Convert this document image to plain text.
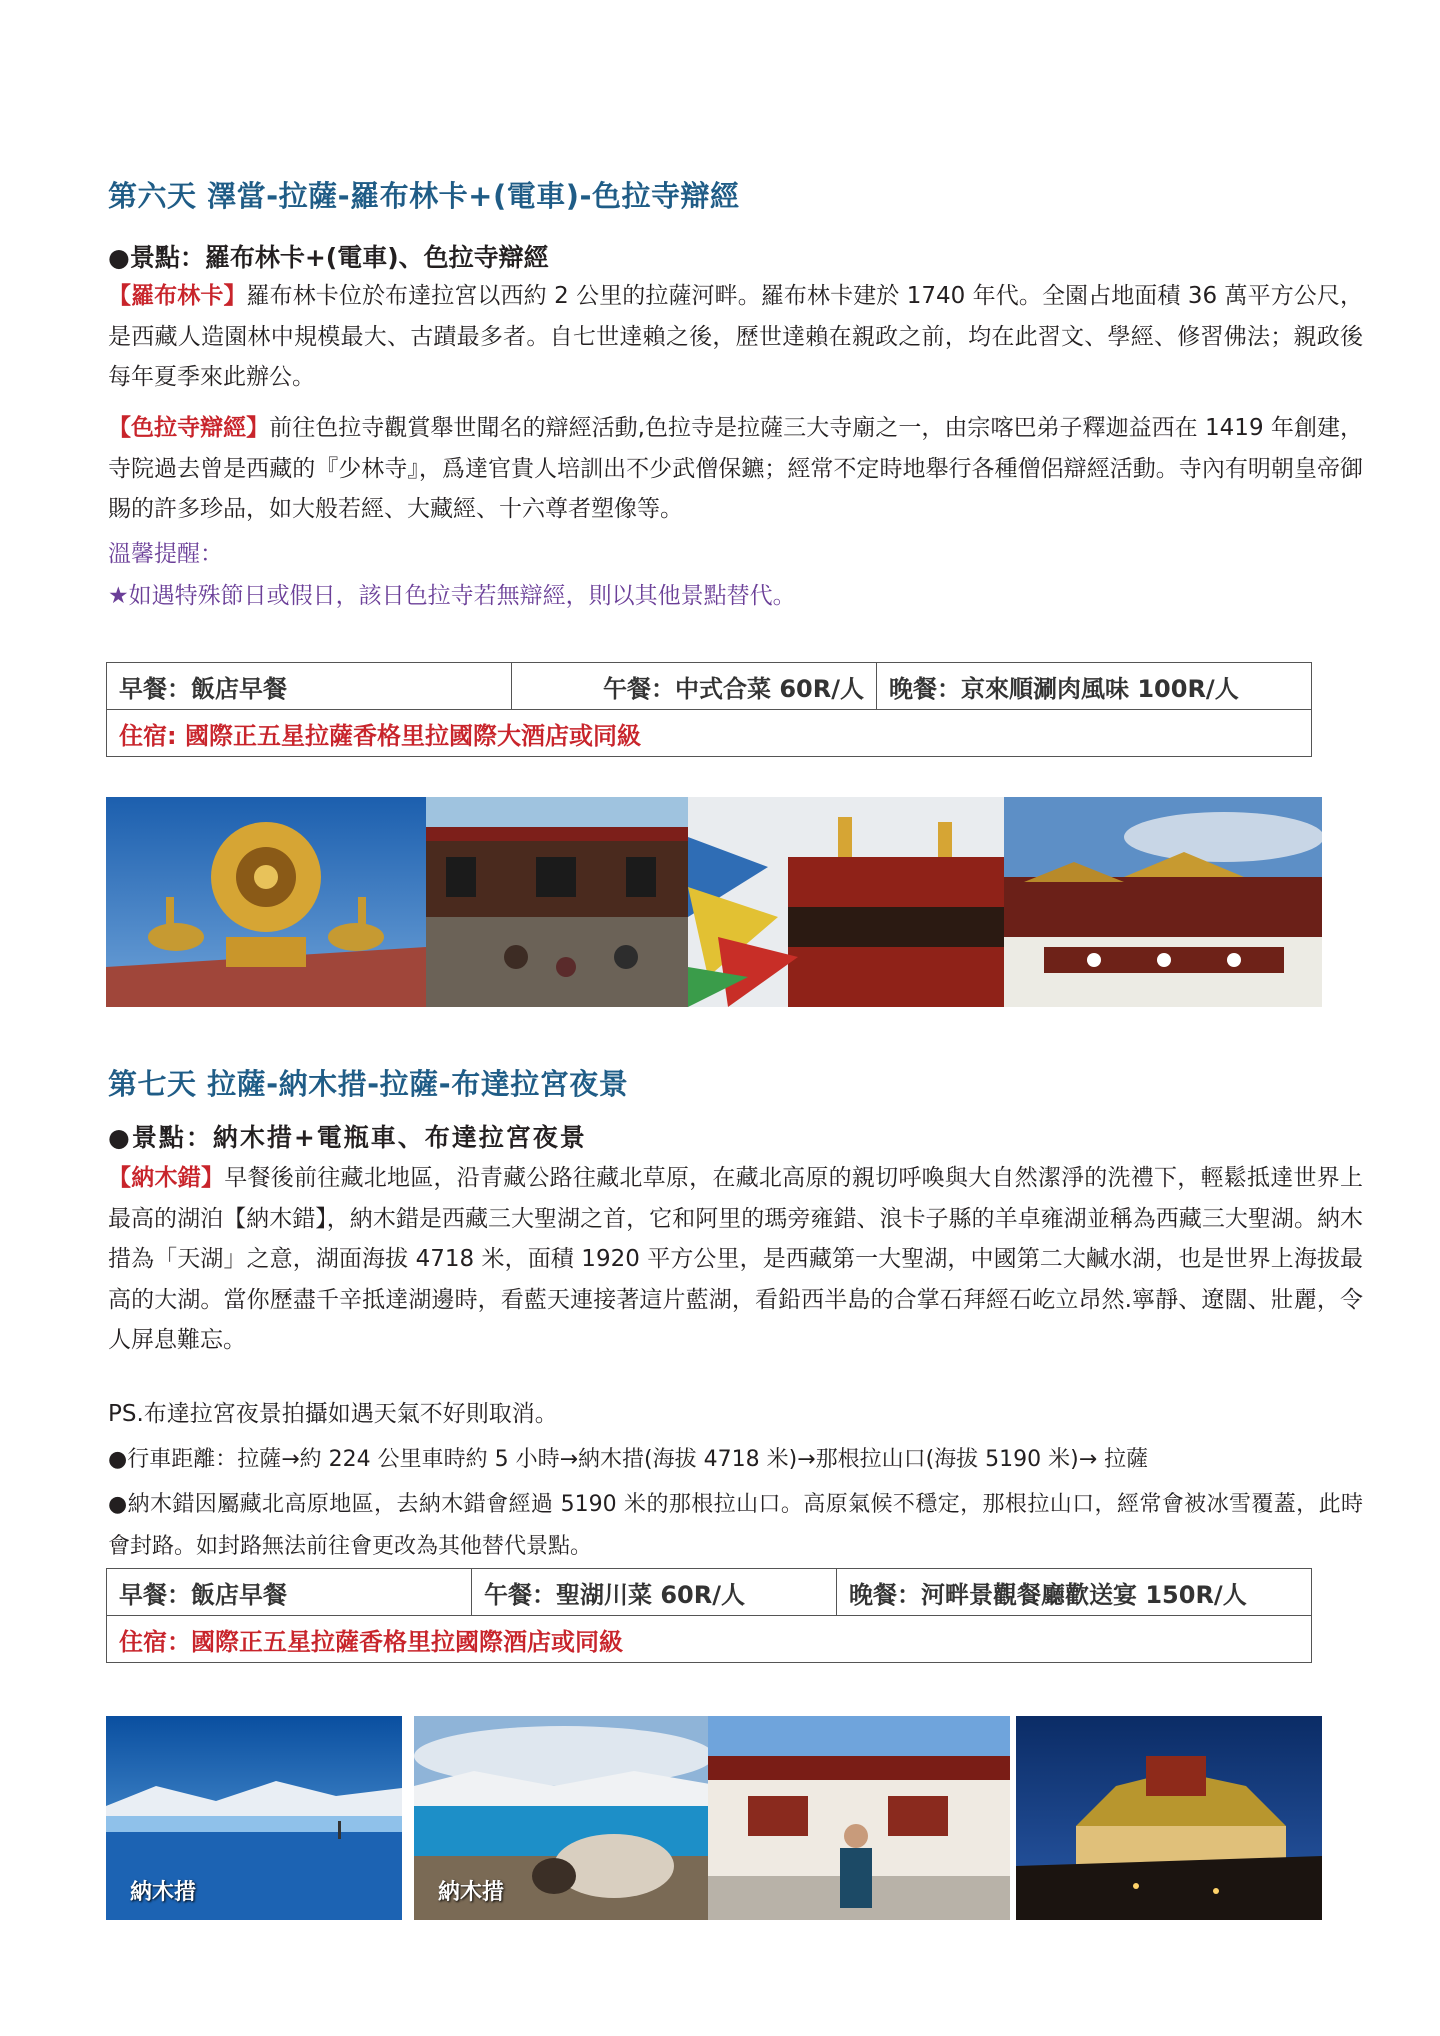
第六天 澤當-拉薩-羅布林卡+(電車)-色拉寺辯經
●景點：羅布林卡+(電車)、色拉寺辯經
【羅布林卡】羅布林卡位於布達拉宮以西約 2 公里的拉薩河畔。羅布林卡建於 1740 年代。全園占地面積 36 萬平方公尺，是西藏人造園林中規模最大、古蹟最多者。自七世達賴之後，歷世達賴在親政之前，均在此習文、學經、修習佛法；親政後每年夏季來此辦公。
【色拉寺辯經】前往色拉寺觀賞舉世聞名的辯經活動,色拉寺是拉薩三大寺廟之一，由宗喀巴弟子釋迦益西在 1419 年創建，寺院過去曾是西藏的『少林寺』，爲達官貴人培訓出不少武僧保鑣；經常不定時地舉行各種僧侶辯經活動。寺內有明朝皇帝御賜的許多珍品，如大般若經、大藏經、十六尊者塑像等。
溫馨提醒：
★如遇特殊節日或假日，該日色拉寺若無辯經，則以其他景點替代。
早餐：飯店早餐	午餐：中式合菜 60R/人	晚餐：京來順涮肉風味 100R/人
住宿: 國際正五星拉薩香格里拉國際大酒店或同級
第七天 拉薩-納木措-拉薩-布達拉宮夜景
●景點：納木措+電瓶車、布達拉宮夜景
【納木錯】早餐後前往藏北地區，沿青藏公路往藏北草原，在藏北高原的親切呼喚與大自然潔淨的洗禮下，輕鬆抵達世界上最高的湖泊【納木錯】，納木錯是西藏三大聖湖之首，它和阿里的瑪旁雍錯、浪卡子縣的羊卓雍湖並稱為西藏三大聖湖。納木措為「天湖」之意，湖面海拔 4718 米，面積 1920 平方公里，是西藏第一大聖湖，中國第二大鹹水湖，也是世界上海拔最高的大湖。當你歷盡千辛抵達湖邊時，看藍天連接著這片藍湖，看鉛西半島的合掌石拜經石屹立昂然.寧靜、遼闊、壯麗，令人屏息難忘。
PS.布達拉宮夜景拍攝如遇天氣不好則取消。
●行車距離：拉薩→約 224 公里車時約 5 小時→納木措(海拔 4718 米)→那根拉山口(海拔 5190 米)→ 拉薩
●納木錯因屬藏北高原地區，去納木錯會經過 5190 米的那根拉山口。高原氣候不穩定，那根拉山口，經常會被冰雪覆蓋，此時會封路。如封路無法前往會更改為其他替代景點。
早餐：飯店早餐	午餐：聖湖川菜 60R/人	晚餐：河畔景觀餐廳歡送宴 150R/人
住宿：國際正五星拉薩香格里拉國際酒店或同級
納木措	納木措
